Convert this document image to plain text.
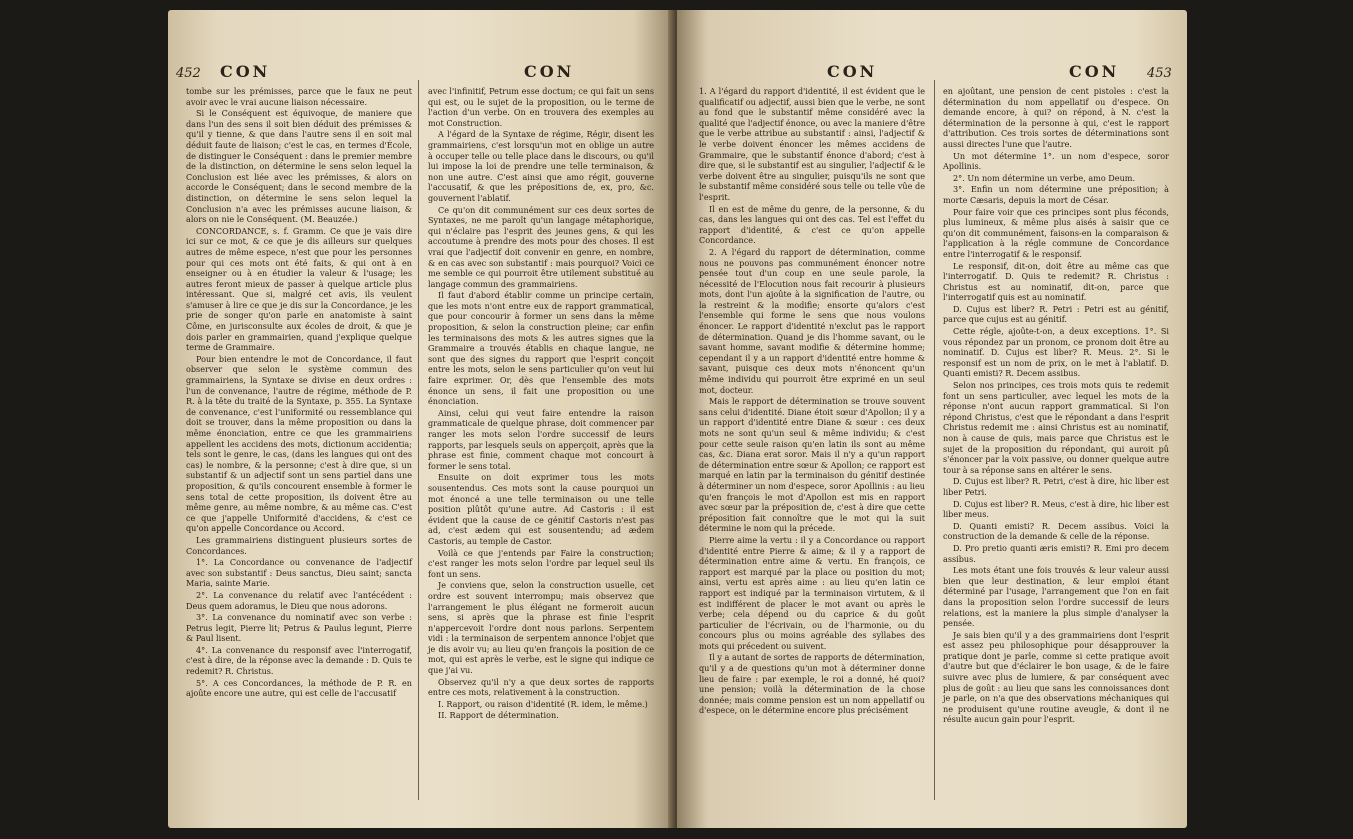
452 CON	CON

tombe sur les prémisses, parce que le faux ne peut avoir avec le vrai aucune liaison nécessaire.

Si le Conséquent est équivoque, de maniere que dans l'un des sens il soit bien déduit des prémisses & qu'il y tienne, & que dans l'autre sens il en soit mal déduit faute de liaison; c'est le cas, en termes d'École, de distinguer le Conséquent : dans le premier membre de la distinction, on détermine le sens selon lequel la Conclusion est liée avec les prémisses, & alors on accorde le Conséquent; dans le second membre de la distinction, on détermine le sens selon lequel la Conclusion n'a avec les prémisses aucune liaison, & alors on nie le Conséquent. (M. Beauzée.)

CONCORDANCE, s. f. Gramm. Ce que je vais dire ici sur ce mot, & ce que je dis ailleurs sur quelques autres de même espece, n'est que pour les personnes pour qui ces mots ont été faits, & qui ont à en enseigner ou à en étudier la valeur & l'usage; les autres feront mieux de passer à quelque article plus intéressant. Que si, malgré cet avis, ils veulent s'amuser à lire ce que je dis sur la Concordance, je les prie de songer qu'on parle en anatomiste à saint Côme, en jurisconsulte aux écoles de droit, & que je dois parler en grammairien, quand j'explique quelque terme de Grammaire.

Pour bien entendre le mot de Concordance, il faut observer que selon le système commun des grammairiens, la Syntaxe se divise en deux ordres : l'un de convenance, l'autre de régime, méthode de P. R. à la tête du traité de la Syntaxe, p. 355. La Syntaxe de convenance, c'est l'uniformité ou ressemblance qui doit se trouver, dans la même proposition ou dans la même énonciation, entre ce que les grammairiens appellent les accidens des mots, dictionum accidentia; tels sont le genre, le cas, (dans les langues qui ont des cas) le nombre, & la personne; c'est à dire que, si un substantif & un adjectif sont un sens partiel dans une proposition, & qu'ils concourent ensemble à former le sens total de cette proposition, ils doivent être au même genre, au même nombre, & au même cas. C'est ce que j'appelle Uniformité d'accidens, & c'est ce qu'on appelle Concordance ou Accord.

Les grammairiens distinguent plusieurs sortes de Concordances.

1°. La Concordance ou convenance de l'adjectif avec son substantif : Deus sanctus, Dieu saint; sancta Maria, sainte Marie.

2°. La convenance du relatif avec l'antécédent : Deus quem adoramus, le Dieu que nous adorons.

3°. La convenance du nominatif avec son verbe : Petrus legit, Pierre lit; Petrus & Paulus legunt, Pierre & Paul lisent.

4°. La convenance du responsif avec l'interrogatif, c'est à dire, de la réponse avec la demande : D. Quis te redemit? R. Christus.

5°. A ces Concordances, la méthode de P. R. en ajoûte encore une autre, qui est celle de l'accusatif

avec l'infinitif, Petrum esse doctum; ce qui fait un sens qui est, ou le sujet de la proposition, ou le terme de l'action d'un verbe. On en trouvera des exemples au mot Construction.

A l'égard de la Syntaxe de régime, Régir, disent les grammairiens, c'est lorsqu'un mot en oblige un autre à occuper telle ou telle place dans le discours, ou qu'il lui impose la loi de prendre une telle terminaison, & non une autre. C'est ainsi que amo régit, gouverne l'accusatif, & que les prépositions de, ex, pro, &c. gouvernent l'ablatif.

Ce qu'on dit communément sur ces deux sortes de Syntaxes, ne me paroît qu'un langage métaphorique, qui n'éclaire pas l'esprit des jeunes gens, & qui les accoutume à prendre des mots pour des choses. Il est vrai que l'adjectif doit convenir en genre, en nombre, & en cas avec son substantif : mais pourquoi? Voici ce me semble ce qui pourroit être utilement substitué au langage commun des grammairiens.

Il faut d'abord établir comme un principe certain, que les mots n'ont entre eux de rapport grammatical, que pour concourir à former un sens dans la même proposition, & selon la construction pleine; car enfin les terminaisons des mots & les autres signes que la Grammaire a trouvés établis en chaque langue, ne sont que des signes du rapport que l'esprit conçoit entre les mots, selon le sens particulier qu'on veut lui faire exprimer. Or, dès que l'ensemble des mots énonce un sens, il fait une proposition ou une énonciation.

Ainsi, celui qui veut faire entendre la raison grammaticale de quelque phrase, doit commencer par ranger les mots selon l'ordre successif de leurs rapports, par lesquels seuls on apperçoit, après que la phrase est finie, comment chaque mot concourt à former le sens total.

Ensuite on doit exprimer tous les mots sousentendus. Ces mots sont la cause pourquoi un mot énoncé a une telle terminaison ou une telle position plûtôt qu'une autre. Ad Castoris : il est évident que la cause de ce génitif Castoris n'est pas ad, c'est ædem qui est sousentendu; ad ædem Castoris, au temple de Castor.

Voilà ce que j'entends par Faire la construction; c'est ranger les mots selon l'ordre par lequel seul ils font un sens.

Je conviens que, selon la construction usuelle, cet ordre est souvent interrompu; mais observez que l'arrangement le plus élégant ne formeroit aucun sens, si après que la phrase est finie l'esprit n'appercevoit l'ordre dont nous parlons. Serpentem vidi : la terminaison de serpentem annonce l'objet que je dis avoir vu; au lieu qu'en françois la position de ce mot, qui est après le verbe, est le signe qui indique ce que j'ai vu.

Observez qu'il n'y a que deux sortes de rapports entre ces mots, relativement à la construction.

I. Rapport, ou raison d'identité (R. idem, le même.)

II. Rapport de détermination.

CON	CON 453

1. A l'égard du rapport d'identité, il est évident que le qualificatif ou adjectif, aussi bien que le verbe, ne sont au fond que le substantif même considéré avec la qualité que l'adjectif énonce, ou avec la maniere d'être que le verbe attribue au substantif : ainsi, l'adjectif & le verbe doivent énoncer les mêmes accidens de Grammaire, que le substantif énonce d'abord; c'est à dire que, si le substantif est au singulier, l'adjectif & le verbe doivent être au singulier, puisqu'ils ne sont que le substantif même considéré sous telle ou telle vûe de l'esprit.

Il en est de même du genre, de la personne, & du cas, dans les langues qui ont des cas. Tel est l'effet du rapport d'identité, & c'est ce qu'on appelle Concordance.

2. A l'égard du rapport de détermination, comme nous ne pouvons pas communément énoncer notre pensée tout d'un coup en une seule parole, la nécessité de l'Elocution nous fait recourir à plusieurs mots, dont l'un ajoûte à la signification de l'autre, ou la restreint & la modifie; ensorte qu'alors c'est l'ensemble qui forme le sens que nous voulons énoncer. Le rapport d'identité n'exclut pas le rapport de détermination. Quand je dis l'homme savant, ou le savant homme, savant modifie & détermine homme; cependant il y a un rapport d'identité entre homme & savant, puisque ces deux mots n'énoncent qu'un même individu qui pourroit être exprimé en un seul mot, docteur.

Mais le rapport de détermination se trouve souvent sans celui d'identité. Diane étoit sœur d'Apollon; il y a un rapport d'identité entre Diane & sœur : ces deux mots ne sont qu'un seul & même individu; & c'est pour cette seule raison qu'en latin ils sont au même cas, &c. Diana erat soror. Mais il n'y a qu'un rapport de détermination entre sœur & Apollon; ce rapport est marqué en latin par la terminaison du génitif destinée à déterminer un nom d'espece, soror Apollinis : au lieu qu'en françois le mot d'Apollon est mis en rapport avec sœur par la préposition de, c'est à dire que cette préposition fait connoître que le mot qui la suit détermine le nom qui la précede.

Pierre aime la vertu : il y a Concordance ou rapport d'identité entre Pierre & aime; & il y a rapport de détermination entre aime & vertu. En françois, ce rapport est marqué par la place ou position du mot; ainsi, vertu est après aime : au lieu qu'en latin ce rapport est indiqué par la terminaison virtutem, & il est indifférent de placer le mot avant ou après le verbe; cela dépend ou du caprice & du goût particulier de l'écrivain, ou de l'harmonie, ou du concours plus ou moins agréable des syllabes des mots qui précedent ou suivent.

Il y a autant de sortes de rapports de détermination, qu'il y a de questions qu'un mot à déterminer donne lieu de faire : par exemple, le roi a donné, hé quoi? une pension; voilà la détermination de la chose donnée; mais comme pension est un nom appellatif ou d'espece, on le détermine encore plus précisément

en ajoûtant, une pension de cent pistoles : c'est la détermination du nom appellatif ou d'espece. On demande encore, à qui? on répond, à N. c'est la détermination de la personne à qui, c'est le rapport d'attribution. Ces trois sortes de déterminations sont aussi directes l'une que l'autre.

Un mot détermine 1°. un nom d'espece, soror Apollinis.

2°. Un nom détermine un verbe, amo Deum.

3°. Enfin un nom détermine une préposition; à morte Cæsaris, depuis la mort de César.

Pour faire voir que ces principes sont plus féconds, plus lumineux, & même plus aisés à saisir que ce qu'on dit communément, faisons-en la comparaison & l'application à la régle commune de Concordance entre l'interrogatif & le responsif.

Le responsif, dit-on, doit être au même cas que l'interrogatif. D. Quis te redemit? R. Christus : Christus est au nominatif, dit-on, parce que l'interrogatif quis est au nominatif.

D. Cujus est liber? R. Petri : Petri est au génitif, parce que cujus est au génitif.

Cette régle, ajoûte-t-on, a deux exceptions. 1°. Si vous répondez par un pronom, ce pronom doit être au nominatif. D. Cujus est liber? R. Meus. 2°. Si le responsif est un nom de prix, on le met à l'ablatif. D. Quanti emisti? R. Decem assibus.

Selon nos principes, ces trois mots quis te redemit font un sens particulier, avec lequel les mots de la réponse n'ont aucun rapport grammatical. Si l'on répond Christus, c'est que le répondant a dans l'esprit Christus redemit me : ainsi Christus est au nominatif, non à cause de quis, mais parce que Christus est le sujet de la proposition du répondant, qui auroit pû s'énoncer par la voix passive, ou donner quelque autre tour à sa réponse sans en altérer le sens.

D. Cujus est liber? R. Petri, c'est à dire, hic liber est liber Petri.

D. Cujus est liber? R. Meus, c'est à dire, hic liber est liber meus.

D. Quanti emisti? R. Decem assibus. Voici la construction de la demande & celle de la réponse.

D. Pro pretio quanti æris emisti? R. Emi pro decem assibus.

Les mots étant une fois trouvés & leur valeur aussi bien que leur destination, & leur emploi étant déterminé par l'usage, l'arrangement que l'on en fait dans la proposition selon l'ordre successif de leurs relations, est la maniere la plus simple d'analyser la pensée.

Je sais bien qu'il y a des grammairiens dont l'esprit est assez peu philosophique pour désapprouver la pratique dont je parle, comme si cette pratique avoit d'autre but que d'éclairer le bon usage, & de le faire suivre avec plus de lumiere, & par conséquent avec plus de goût : au lieu que sans les connoissances dont je parle, on n'a que des observations méchaniques qui ne produisent qu'une routine aveugle, & dont il ne résulte aucun gain pour l'esprit.
